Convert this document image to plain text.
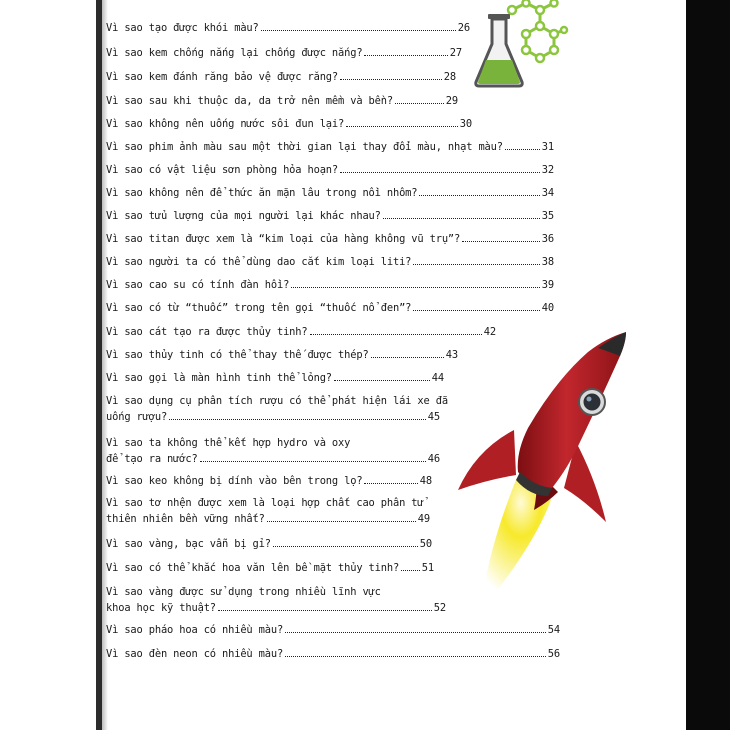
Vì sao tạo được khói màu?	26
Vì sao kem chống nắng lại chống được nắng?	27
Vì sao kem đánh răng bảo vệ được răng?	28
Vì sao sau khi thuộc da, da trở nên mềm và bền?	29
Vì sao không nên uống nước sôi đun lại?	30
Vì sao phim ảnh màu sau một thời gian lại thay đổi màu, nhạt màu?	31
Vì sao có vật liệu sơn phòng hỏa hoạn?	32
Vì sao không nên để thức ăn mặn lâu trong nồi nhôm?	34
Vì sao tửu lượng của mọi người lại khác nhau?	35
Vì sao titan được xem là “kim loại của hàng không vũ trụ”?	36
Vì sao người ta có thể dùng dao cắt kim loại liti?	38
Vì sao cao su có tính đàn hồi?	39
Vì sao có từ “thuốc” trong tên gọi “thuốc nổ đen”?	40
Vì sao cát tạo ra được thủy tinh?	42
Vì sao thủy tinh có thể thay thế được thép?	43
Vì sao gọi là màn hình tinh thể lỏng?	44
Vì sao dụng cụ phân tích rượu có thể phát hiện lái xe đã
uống rượu?	45
Vì sao ta không thể kết hợp hydro và oxy
để tạo ra nước?	46
Vì sao keo không bị dính vào bên trong lọ?	48
Vì sao tơ nhện được xem là loại hợp chất cao phân tử
thiên nhiên bền vững nhất?	49
Vì sao vàng, bạc vẫn bị gỉ?	50
Vì sao có thể khắc hoa văn lên bề mặt thủy tinh? 51
Vì sao vàng được sử dụng trong nhiều lĩnh vực
khoa học kỹ thuật?	52
Vì sao pháo hoa có nhiều màu?	54
Vì sao đèn neon có nhiều màu?	56
